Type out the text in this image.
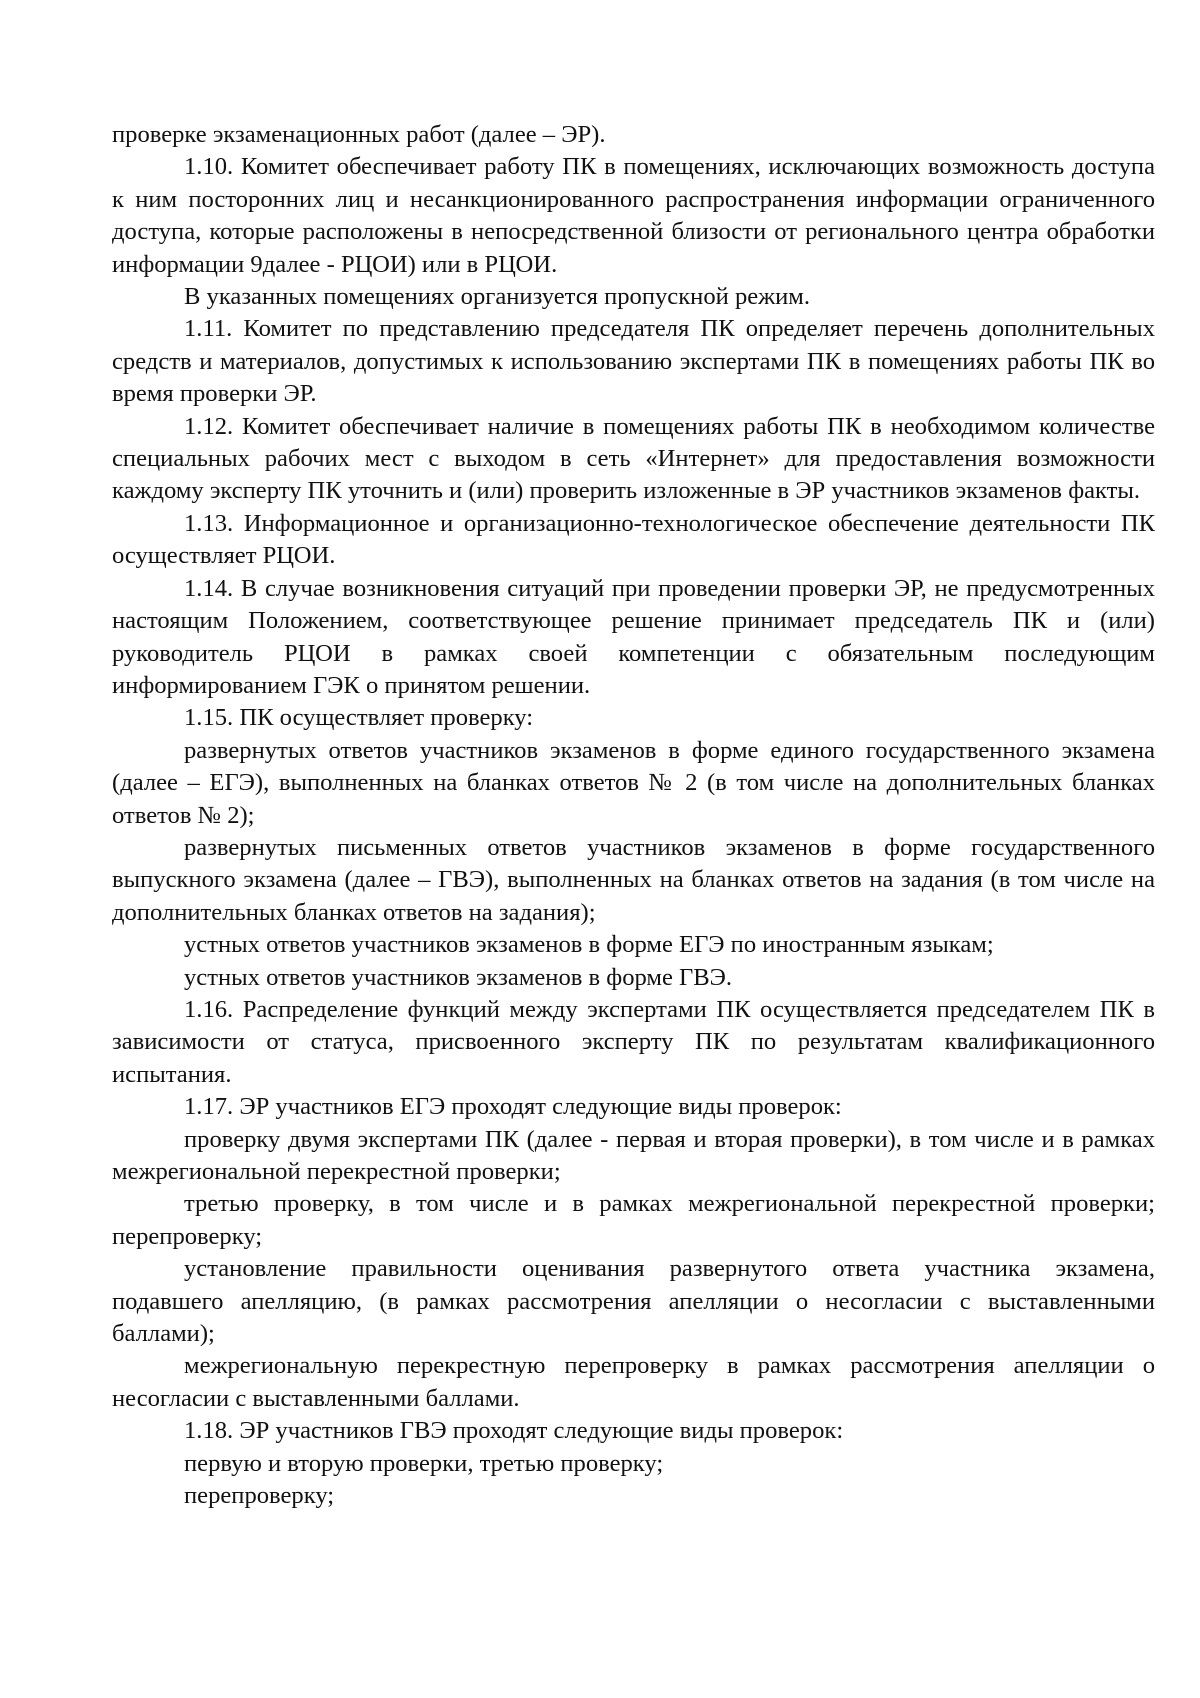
проверке экзаменационных работ (далее – ЭР).

1.10. Комитет обеспечивает работу ПК в помещениях, исключающих возможность доступа к ним посторонних лиц и несанкционированного распространения информации ограниченного доступа, которые расположены в непосредственной близости от регионального центра обработки информации 9далее - РЦОИ) или в РЦОИ.

В указанных помещениях организуется пропускной режим.

1.11. Комитет по представлению председателя ПК определяет перечень дополнительных средств и материалов, допустимых к использованию экспертами ПК в помещениях работы ПК во время проверки ЭР.

1.12. Комитет обеспечивает наличие в помещениях работы ПК в необходимом количестве специальных рабочих мест с выходом в сеть «Интернет» для предоставления возможности каждому эксперту ПК уточнить и (или) проверить изложенные в ЭР участников экзаменов факты.

1.13. Информационное и организационно-технологическое обеспечение деятельности ПК осуществляет РЦОИ.

1.14. В случае возникновения ситуаций при проведении проверки ЭР, не предусмотренных настоящим Положением, соответствующее решение принимает председатель ПК и (или) руководитель РЦОИ в рамках своей компетенции с обязательным последующим информированием ГЭК о принятом решении.

1.15. ПК осуществляет проверку:

развернутых ответов участников экзаменов в форме единого государственного экзамена (далее – ЕГЭ), выполненных на бланках ответов № 2 (в том числе на дополнительных бланках ответов № 2);

развернутых письменных ответов участников экзаменов в форме государственного выпускного экзамена (далее – ГВЭ), выполненных на бланках ответов на задания (в том числе на дополнительных бланках ответов на задания);

устных ответов участников экзаменов в форме ЕГЭ по иностранным языкам;

устных ответов участников экзаменов в форме ГВЭ.

1.16. Распределение функций между экспертами ПК осуществляется председателем ПК в зависимости от статуса, присвоенного эксперту ПК по результатам квалификационного испытания.

1.17. ЭР участников ЕГЭ проходят следующие виды проверок:

проверку двумя экспертами ПК (далее - первая и вторая проверки), в том числе и в рамках межрегиональной перекрестной проверки;

третью проверку, в том числе и в рамках межрегиональной перекрестной проверки; перепроверку;

установление правильности оценивания развернутого ответа участника экзамена, подавшего апелляцию, (в рамках рассмотрения апелляции о несогласии с выставленными баллами);

межрегиональную перекрестную перепроверку в рамках рассмотрения апелляции о несогласии с выставленными баллами.

1.18. ЭР участников ГВЭ проходят следующие виды проверок:

первую и вторую проверки, третью проверку;

перепроверку;
